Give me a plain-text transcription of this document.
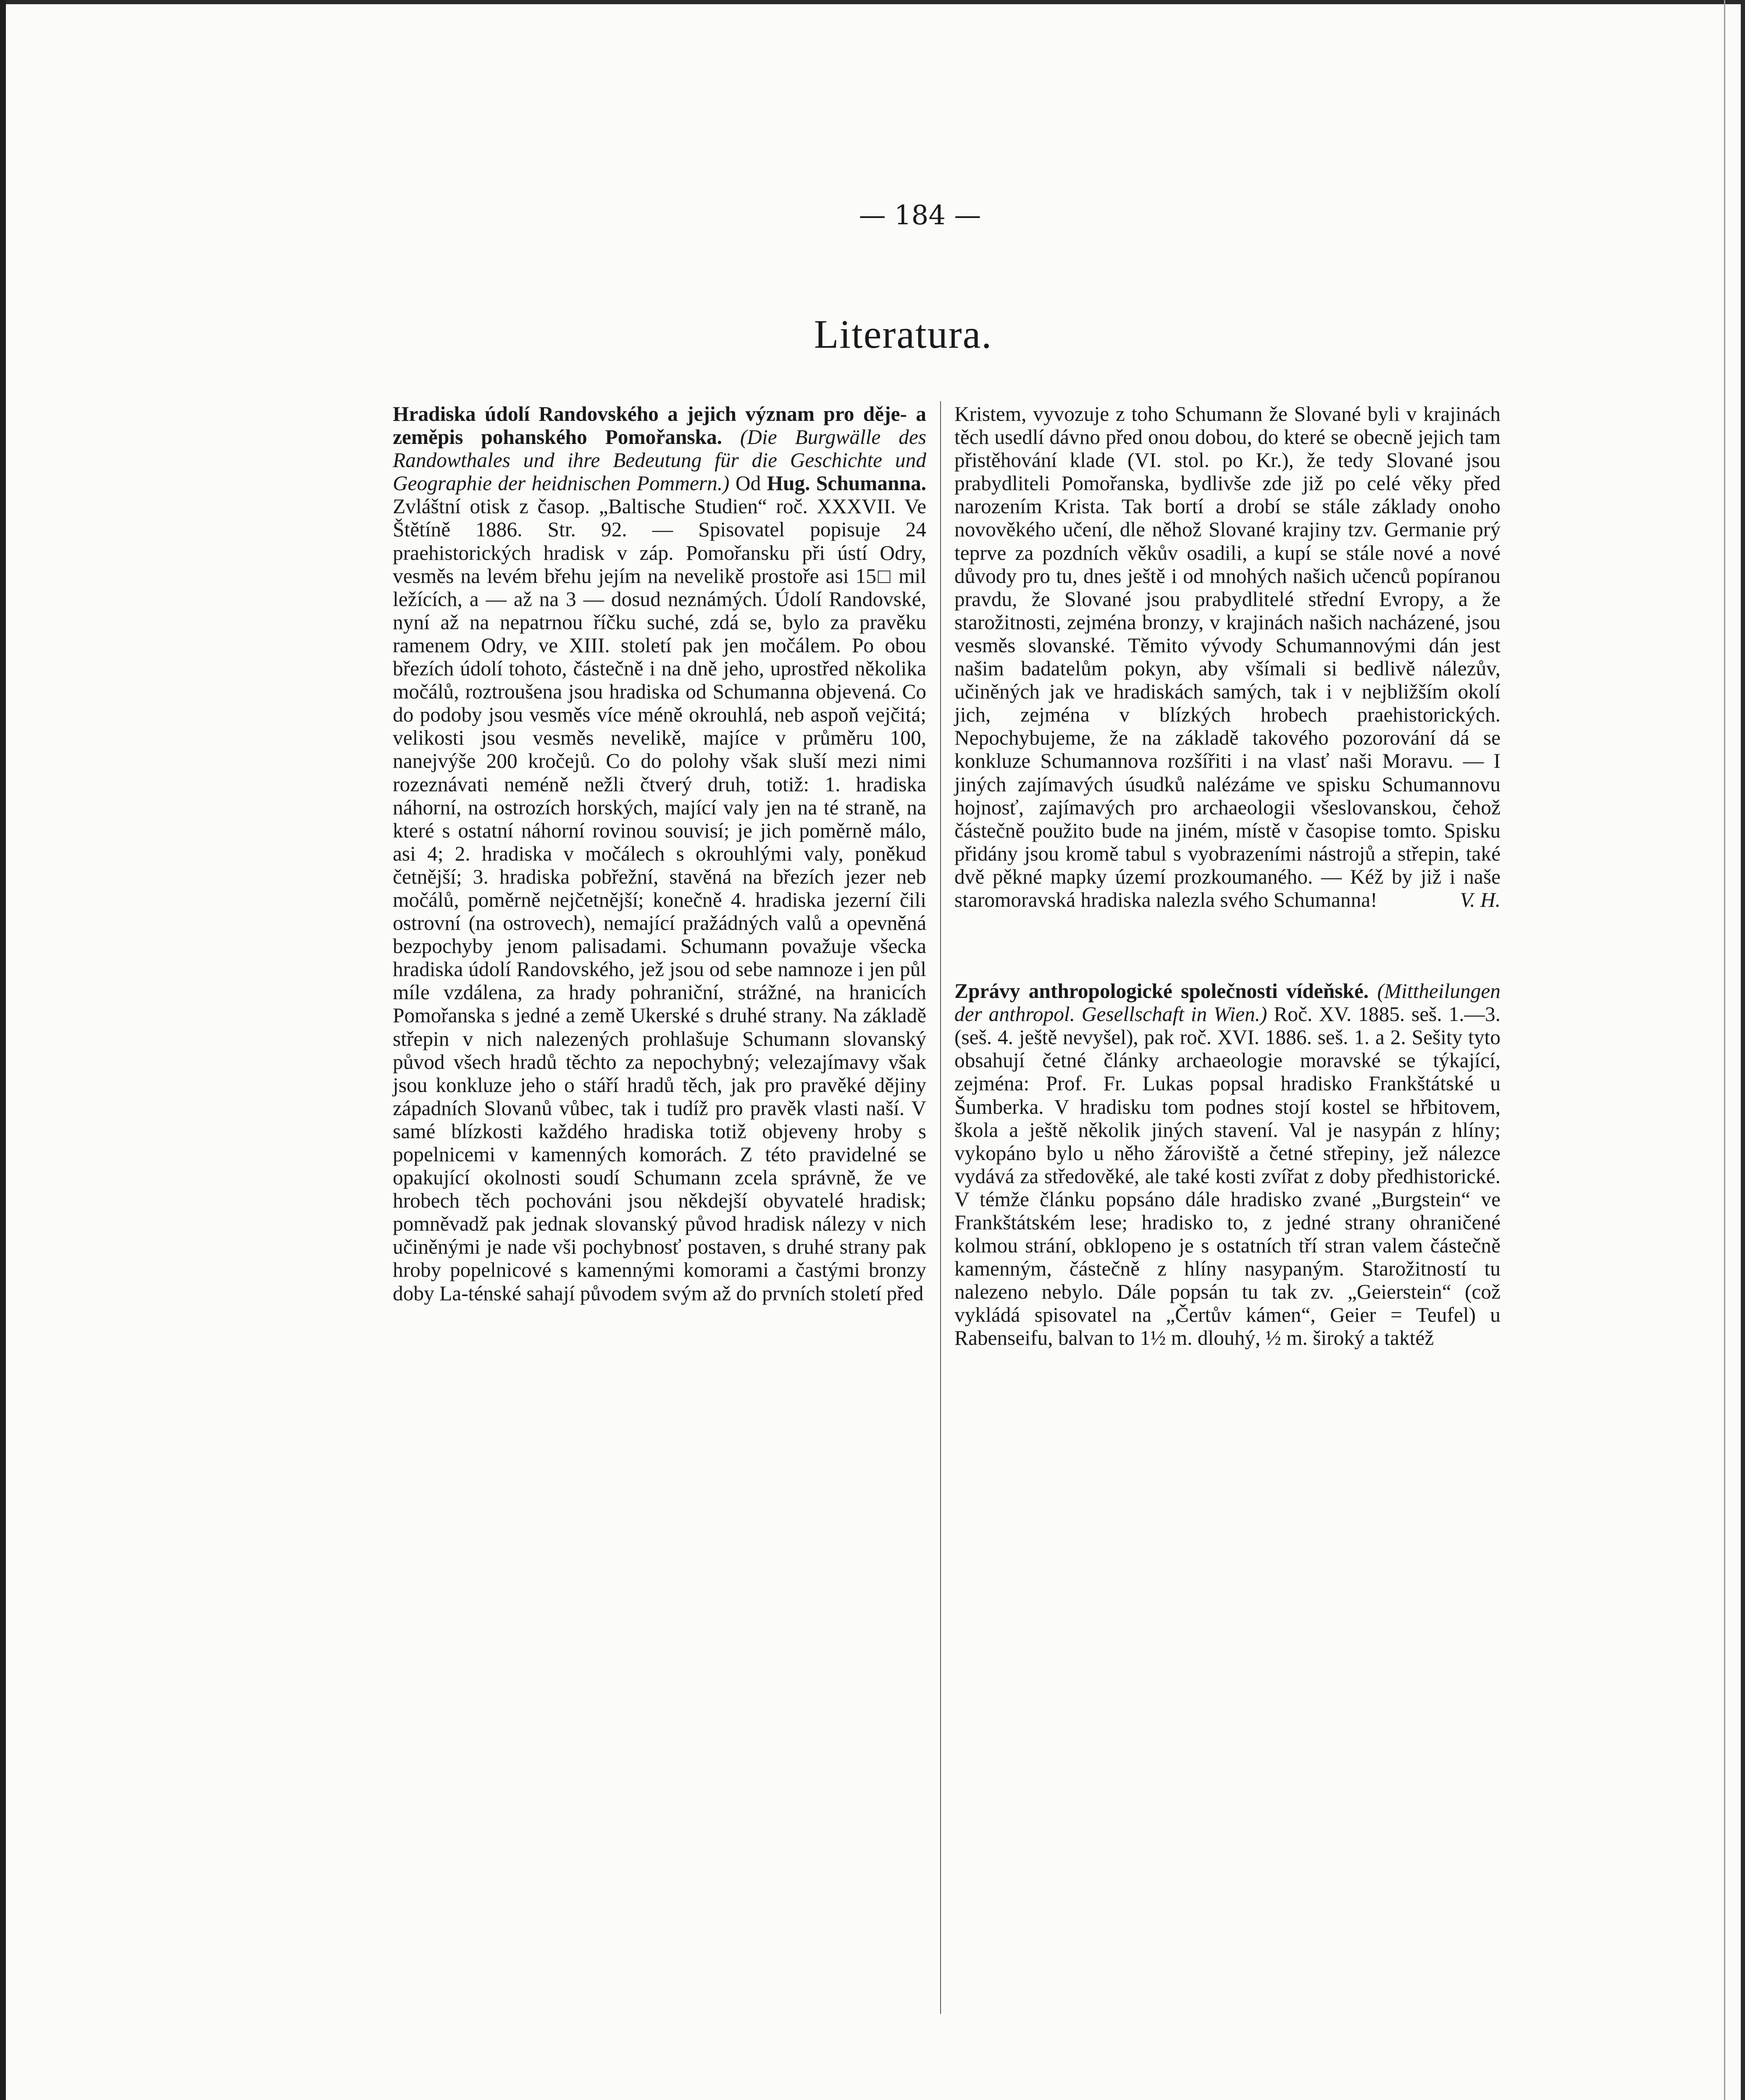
— 184 —
Literatura.

Hradiska údolí Randovského a jejich význam pro děje- a zeměpis pohanského Pomořanska. (Die Burgwälle des Randowthales und ihre Bedeutung für die Geschichte und Geographie der heidnischen Pommern.) Od Hug. Schumanna. Zvláštní otisk z časop. „Baltische Studien“ roč. XXXVII. Ve Štětíně 1886. Str. 92. — Spisovatel popisuje 24 praehistorických hradisk v záp. Pomořansku při ústí Odry, vesměs na levém břehu jejím na nevelikě prostoře asi 15□ mil ležících, a — až na 3 — dosud neznámých. Údolí Randovské, nyní až na nepatrnou říčku suché, zdá se, bylo za pravěku ramenem Odry, ve XIII. století pak jen močálem. Po obou březích údolí tohoto, částečně i na dně jeho, uprostřed několika močálů, roztroušena jsou hradiska od Schumanna objevená. Co do podoby jsou vesměs více méně okrouhlá, neb aspoň vejčitá; velikosti jsou vesměs nevelikě, majíce v průměru 100, nanejvýše 200 kročejů. Co do polohy však sluší mezi nimi rozeznávati neméně nežli čtverý druh, totiž: 1. hradiska náhorní, na ostrozích horských, mající valy jen na té straně, na které s ostatní náhorní rovinou souvisí; je jich poměrně málo, asi 4; 2. hradiska v močálech s okrouhlými valy, poněkud četnější; 3. hradiska pobřežní, stavěná na březích jezer neb močálů, poměrně nejčetnější; konečně 4. hradiska jezerní čili ostrovní (na ostrovech), nemající pražádných valů a opevněná bezpochyby jenom palisadami. Schumann považuje všecka hradiska údolí Randovského, jež jsou od sebe namnoze i jen půl míle vzdálena, za hrady pohraniční, strážné, na hranicích Pomořanska s jedné a země Ukerské s druhé strany. Na základě střepin v nich nalezených prohlašuje Schumann slovanský původ všech hradů těchto za nepochybný; velezajímavy však jsou konkluze jeho o stáří hradů těch, jak pro pravěké dějiny západních Slovanů vůbec, tak i tudíž pro pravěk vlasti naší. V samé blízkosti každého hradiska totiž objeveny hroby s popelnicemi v kamenných komorách. Z této pravidelné se opakující okolnosti soudí Schumann zcela správně, že ve hrobech těch pochováni jsou někdejší obyvatelé hradisk; pomněvadž pak jednak slovanský původ hradisk nálezy v nich učiněnými je nade vši pochybnosť postaven, s druhé strany pak hroby popelnicové s kamennými komorami a častými bronzy doby La-ténské sahají původem svým až do prvních století před

Kristem, vyvozuje z toho Schumann že Slované byli v krajinách těch usedlí dávno před onou dobou, do které se obecně jejich tam přistěhování klade (VI. stol. po Kr.), že tedy Slované jsou prabydliteli Pomořanska, bydlivše zde již po celé věky před narozením Krista. Tak bortí a drobí se stále základy onoho novověkého učení, dle něhož Slované krajiny tzv. Germanie prý teprve za pozdních věkův osadili, a kupí se stále nové a nové důvody pro tu, dnes ještě i od mnohých našich učenců popíranou pravdu, že Slované jsou prabydlitelé střední Evropy, a že starožitnosti, zejména bronzy, v krajinách našich nacházené, jsou vesměs slovanské. Těmito vývody Schumannovými dán jest našim badatelům pokyn, aby všímali si bedlivě nálezův, učiněných jak ve hradiskách samých, tak i v nejbližším okolí jich, zejména v blízkých hrobech praehistorických. Nepochybujeme, že na základě takového pozorování dá se konkluze Schumannova rozšířiti i na vlasť naši Moravu. — I jiných zajímavých úsudků nalézáme ve spisku Schumannovu hojnosť, zajímavých pro archaeologii všeslovanskou, čehož částečně použito bude na jiném, místě v časopise tomto. Spisku přidány jsou kromě tabul s vyobrazeními nástrojů a střepin, také dvě pěkné mapky území prozkoumaného. — Kéž by již i naše staromoravská hradiska nalezla svého Schumanna!	V. H.

Zprávy anthropologické společnosti vídeňské. (Mittheilungen der anthropol. Gesellschaft in Wien.) Roč. XV. 1885. seš. 1.—3. (seš. 4. ještě nevyšel), pak roč. XVI. 1886. seš. 1. a 2. Sešity tyto obsahují četné články archaeologie moravské se týkající, zejména: Prof. Fr. Lukas popsal hradisko Frankštátské u Šumberka. V hradisku tom podnes stojí kostel se hřbitovem, škola a ještě několik jiných stavení. Val je nasypán z hlíny; vykopáno bylo u něho žároviště a četné střepiny, jež nálezce vydává za středověké, ale také kosti zvířat z doby předhistorické. V témže článku popsáno dále hradisko zvané „Burgstein“ ve Frankštátském lese; hradisko to, z jedné strany ohraničené kolmou strání, obklopeno je s ostatních tří stran valem částečně kamenným, částečně z hlíny nasypaným. Starožitností tu nalezeno nebylo. Dále popsán tu tak zv. „Geierstein“ (což vykládá spisovatel na „Čertův kámen“, Geier = Teufel) u Rabenseifu, balvan to 1½ m. dlouhý, ½ m. široký a taktéž
